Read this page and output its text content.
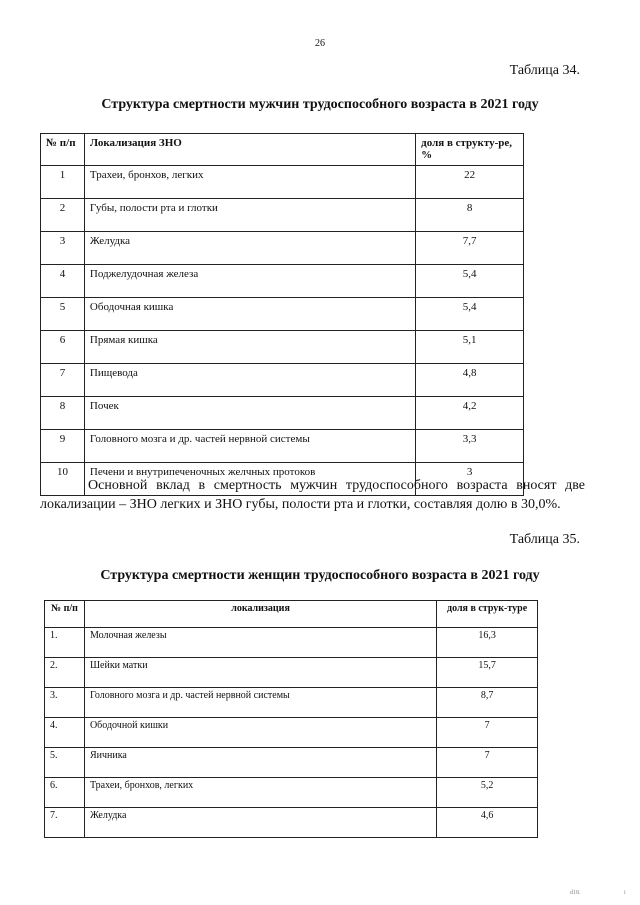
26
Таблица 34.
Структура смертности мужчин трудоспособного возраста в 2021 году
№ п/п	Локализация ЗНО	доля в структу-ре, %
1	Трахеи, бронхов, легких	22
2	Губы, полости рта и глотки	8
3	Желудка	7,7
4	Поджелудочная железа	5,4
5	Ободочная кишка	5,4
6	Прямая кишка	5,1
7	Пищевода	4,8
8	Почек	4,2
9	Головного мозга и др. частей нервной системы	3,3
10	Печени и внутрипеченочных желчных протоков	3

Основной вклад в смертность мужчин трудоспособного возраста вносят две локализации – ЗНО легких и ЗНО губы, полости рта и глотки, составляя долю в 30,0%.

Таблица 35.
Структура смертности женщин трудоспособного возраста в 2021 году
№ п/п	локализация	доля в струк-туре
1.	Молочная железы	16,3
2.	Шейки матки	15,7
3.	Головного мозга и др. частей нервной системы	8,7
4.	Ободочной кишки	7
5.	Яичника	7
6.	Трахеи, бронхов, легких	5,2
7.	Желудка	4,6
d18.	i
